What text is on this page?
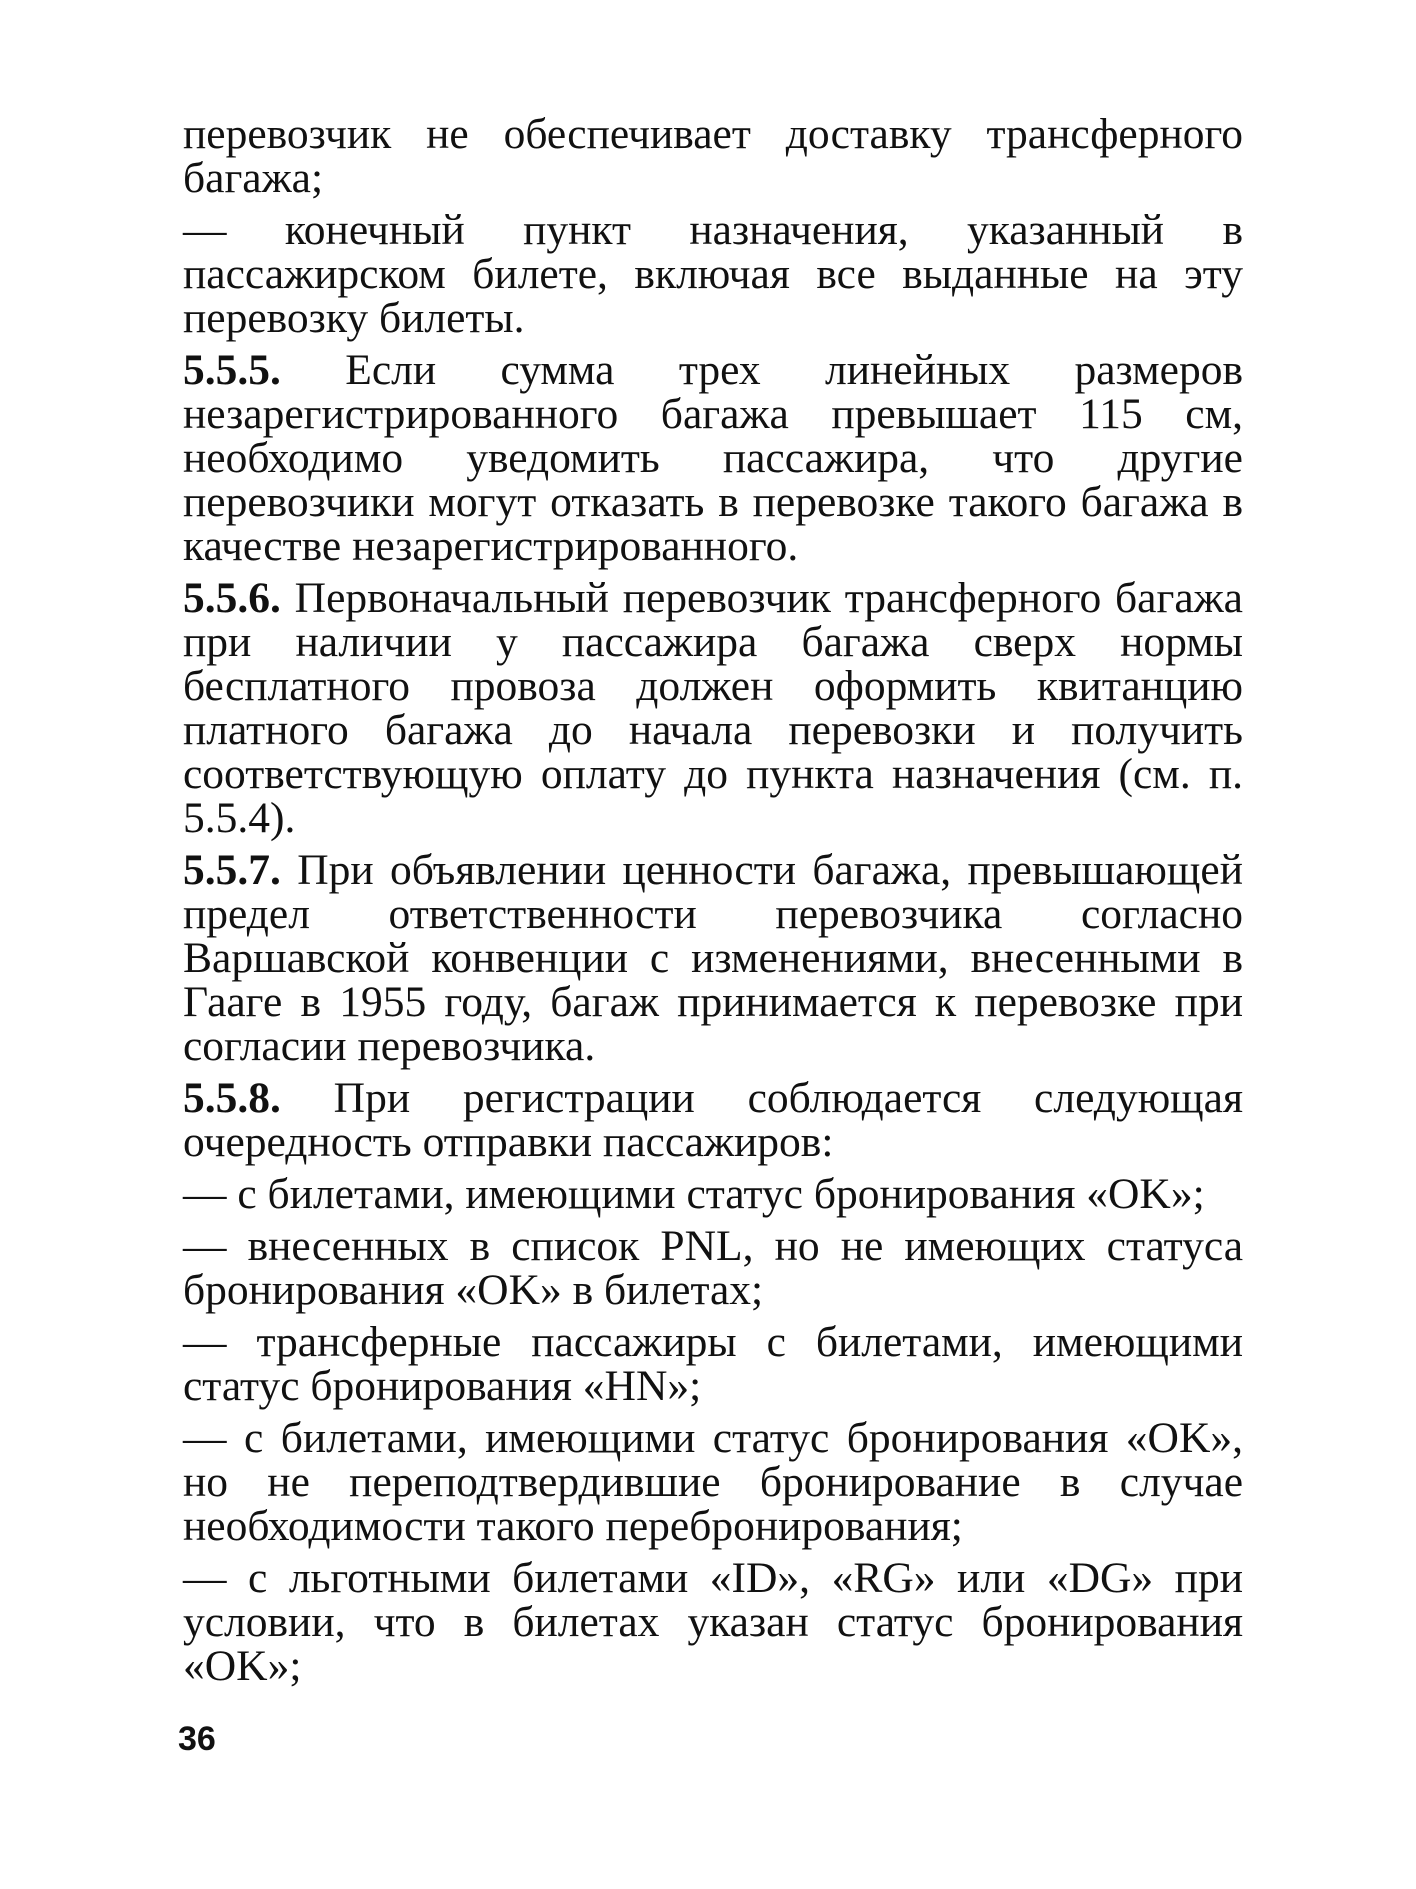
перевозчик не обеспечивает доставку трансферного багажа;

— конечный пункт назначения, указанный в пассажирском билете, включая все выданные на эту перевозку билеты.

5.5.5. Если сумма трех линейных размеров незарегистрированного багажа превышает 115 см, необходимо уведомить пассажира, что другие перевозчики могут отказать в перевозке такого багажа в качестве незарегистрированного.

5.5.6. Первоначальный перевозчик трансферного багажа при наличии у пассажира багажа сверх нормы бесплатного провоза должен оформить квитанцию платного багажа до начала перевозки и получить соответствующую оплату до пункта назначения (см. п. 5.5.4).

5.5.7. При объявлении ценности багажа, превышающей предел ответственности перевозчика согласно Варшавской конвенции с изменениями, внесенными в Гааге в 1955 году, багаж принимается к перевозке при согласии перевозчика.

5.5.8. При регистрации соблюдается следующая очередность отправки пассажиров:

— с билетами, имеющими статус бронирования «OK»;

— внесенных в список PNL, но не имеющих статуса бронирования «OK» в билетах;

— трансферные пассажиры с билетами, имеющими статус бронирования «HN»;

— с билетами, имеющими статус бронирования «OK», но не переподтвердившие бронирование в случае необходимости такого перебронирования;

— с льготными билетами «ID», «RG» или «DG» при условии, что в билетах указан статус бронирования «OK»;

36
